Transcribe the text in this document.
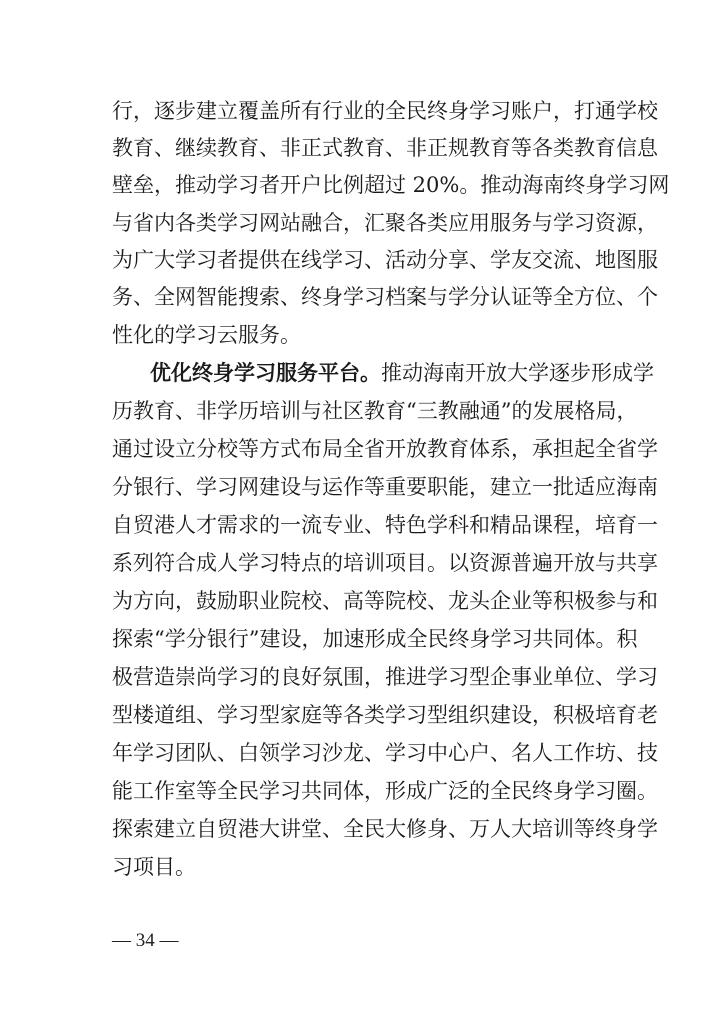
行，逐步建立覆盖所有行业的全民终身学习账户，打通学校
教育、继续教育、非正式教育、非正规教育等各类教育信息
壁垒，推动学习者开户比例超过 20%。推动海南终身学习网
与省内各类学习网站融合，汇聚各类应用服务与学习资源，
为广大学习者提供在线学习、活动分享、学友交流、地图服
务、全网智能搜索、终身学习档案与学分认证等全方位、个
性化的学习云服务。
优化终身学习服务平台。推动海南开放大学逐步形成学
历教育、非学历培训与社区教育“三教融通”的发展格局，
通过设立分校等方式布局全省开放教育体系，承担起全省学
分银行、学习网建设与运作等重要职能，建立一批适应海南
自贸港人才需求的一流专业、特色学科和精品课程，培育一
系列符合成人学习特点的培训项目。以资源普遍开放与共享
为方向，鼓励职业院校、高等院校、龙头企业等积极参与和
探索“学分银行”建设，加速形成全民终身学习共同体。积
极营造崇尚学习的良好氛围，推进学习型企事业单位、学习
型楼道组、学习型家庭等各类学习型组织建设，积极培育老
年学习团队、白领学习沙龙、学习中心户、名人工作坊、技
能工作室等全民学习共同体，形成广泛的全民终身学习圈。
探索建立自贸港大讲堂、全民大修身、万人大培训等终身学
习项目。
— 34 —
